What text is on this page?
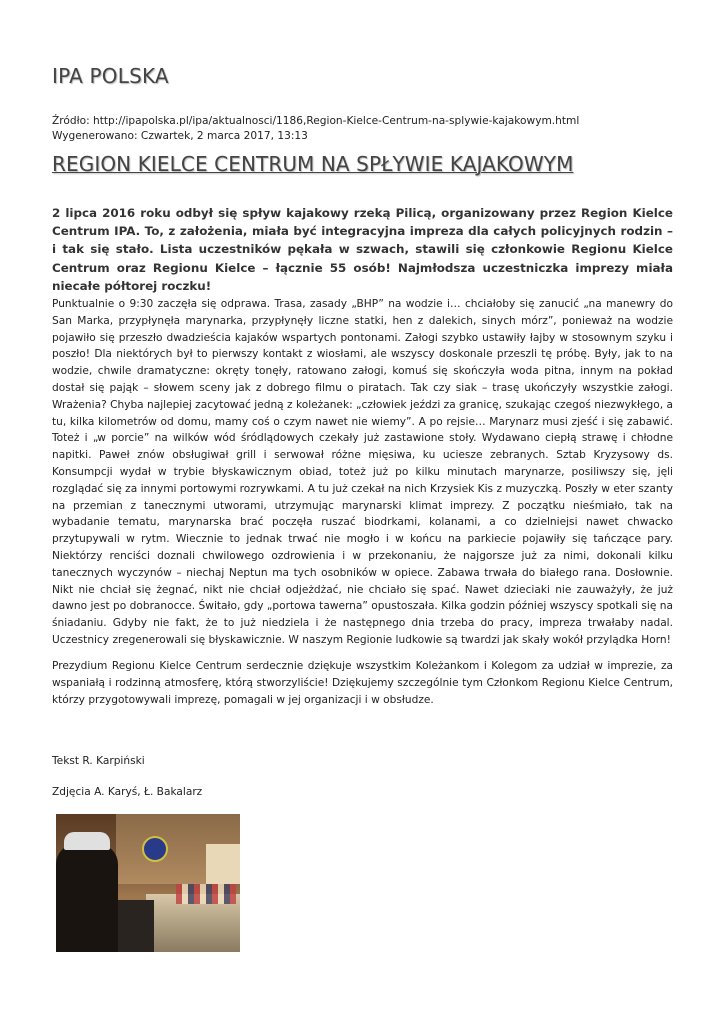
IPA POLSKA
Źródło: http://ipapolska.pl/ipa/aktualnosci/1186,Region-Kielce-Centrum-na-splywie-kajakowym.html
Wygenerowano: Czwartek, 2 marca 2017, 13:13
REGION KIELCE CENTRUM NA SPŁYWIE KAJAKOWYM

2 lipca 2016 roku odbył się spływ kajakowy rzeką Pilicą, organizowany przez Region Kielce Centrum IPA. To, z założenia, miała być integracyjna impreza dla całych policyjnych rodzin – i tak się stało. Lista uczestników pękała w szwach, stawili się członkowie Regionu Kielce Centrum oraz Regionu Kielce – łącznie 55 osób! Najmłodsza uczestniczka imprezy miała niecałe półtorej roczku!

Punktualnie o 9:30 zaczęła się odprawa. Trasa, zasady „BHP” na wodzie i… chciałoby się zanucić „na manewry do San Marka, przypłynęła marynarka, przypłynęły liczne statki, hen z dalekich, sinych mórz”, ponieważ na wodzie pojawiło się przeszło dwadzieścia kajaków wspartych pontonami. Załogi szybko ustawiły łajby w stosownym szyku i poszło! Dla niektórych był to pierwszy kontakt z wiosłami, ale wszyscy doskonale przeszli tę próbę. Były, jak to na wodzie, chwile dramatyczne: okręty tonęły, ratowano załogi, komuś się skończyła woda pitna, innym na pokład dostał się pająk – słowem sceny jak z dobrego filmu o piratach. Tak czy siak – trasę ukończyły wszystkie załogi. Wrażenia? Chyba najlepiej zacytować jedną z koleżanek: „człowiek jeździ za granicę, szukając czegoś niezwykłego, a tu, kilka kilometrów od domu, mamy coś o czym nawet nie wiemy”. A po rejsie… Marynarz musi zjeść i się zabawić. Toteż i „w porcie” na wilków wód śródlądowych czekały już zastawione stoły. Wydawano ciepłą strawę i chłodne napitki. Paweł znów obsługiwał grill i serwował różne mięsiwa, ku uciesze zebranych. Sztab Kryzysowy ds. Konsumpcji wydał w trybie błyskawicznym obiad, toteż już po kilku minutach marynarze, posiliwszy się, jęli rozglądać się za innymi portowymi rozrywkami. A tu już czekał na nich Krzysiek Kis z muzyczką. Poszły w eter szanty na przemian z tanecznymi utworami, utrzymując marynarski klimat imprezy. Z początku nieśmiało, tak na wybadanie tematu, marynarska brać poczęła ruszać biodrkami, kolanami, a co dzielniejsi nawet chwacko przytupywali w rytm. Wiecznie to jednak trwać nie mogło i w końcu na parkiecie pojawiły się tańczące pary. Niektórzy renciści doznali chwilowego ozdrowienia i w przekonaniu, że najgorsze już za nimi, dokonali kilku tanecznych wyczynów – niechaj Neptun ma tych osobników w opiece. Zabawa trwała do białego rana. Dosłownie. Nikt nie chciał się żegnać, nikt nie chciał odjeżdżać, nie chciało się spać. Nawet dzieciaki nie zauważyły, że już dawno jest po dobranocce. Świtało, gdy „portowa tawerna” opustoszała. Kilka godzin później wszyscy spotkali się na śniadaniu. Gdyby nie fakt, że to już niedziela i że następnego dnia trzeba do pracy, impreza trwałaby nadal. Uczestnicy zregenerowali się błyskawicznie. W naszym Regionie ludkowie są twardzi jak skały wokół przylądka Horn!

Prezydium Regionu Kielce Centrum serdecznie dziękuje wszystkim Koleżankom i Kolegom za udział w imprezie, za wspaniałą i rodzinną atmosferę, którą stworzyliście! Dziękujemy szczególnie tym Członkom Regionu Kielce Centrum, którzy przygotowywali imprezę, pomagali w jej organizacji i w obsłudze.

Tekst R. Karpiński

Zdjęcia A. Karyś, Ł. Bakalarz
